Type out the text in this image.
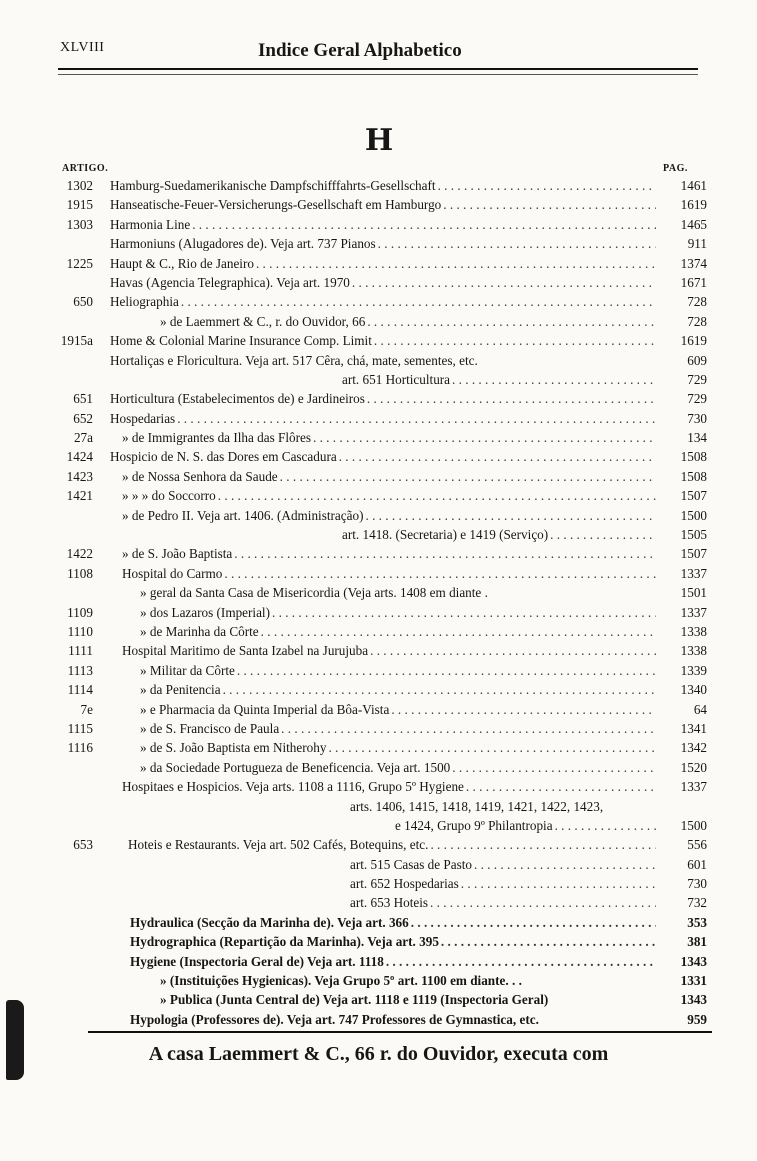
XLVIII	Indice Geral Alphabetico
H
ARTIGO.	PAG.
1302 Hamburg-Suedamerikanische Dampfschifffahrts-Gesellschaft . . .	1461
1915 Hanseatische-Feuer-Versicherungs-Gesellschaft em Hamburgo . . .	1619
1303 Harmonia Line . . .	1465
Harmoniuns (Alugadores de). Veja art. 737 Pianos . . .	911
1225 Haupt & C., Rio de Janeiro . . .	1374
Havas (Agencia Telegraphica). Veja art. 1970 . . .	1671
650 Heliographia . . .	728
» de Laemmert & C., r. do Ouvidor, 66 . . .	728
1915a Home & Colonial Marine Insurance Comp. Limit . . .	1619
Hortaliças e Floricultura. Veja art. 517 Cêra, chá, mate, sementes, etc.	609
art. 651 Horticultura . . .	729
651 Horticultura (Estabelecimentos de) e Jardineiros . . .	729
652 Hospedarias . . .	730
27a » de Immigrantes da Ilha das Flôres . . .	134
1424 Hospicio de N. S. das Dores em Cascadura . . .	1508
1423 » de Nossa Senhora da Saude . . .	1508
1421 » » » do Soccorro . . .	1507
» de Pedro II. Veja art. 1406. (Administração) . . .	1500
art. 1418. (Secretaria) e 1419 (Serviço) . . .	1505
1422 » de S. João Baptista . . .	1507
1108 Hospital do Carmo . . .	1337
» geral da Santa Casa de Misericordia (Veja arts. 1408 em diante .	1501
1109	» dos Lazaros (Imperial) . . .	1337
1110	» de Marinha da Côrte . . .	1338
1111 Hospital Maritimo de Santa Izabel na Jurujuba . . .	1338
1113	» Militar da Côrte . . .	1339
1114	» da Penitencia . . .	1340
7e	» e Pharmacia da Quinta Imperial da Bôa-Vista . . .	64
1115	» de S. Francisco de Paula . . .	1341
1116	» de S. João Baptista em Nitherohy . . .	1342
» da Sociedade Portugueza de Beneficencia. Veja art. 1500 . . .	1520
Hospitaes e Hospicios. Veja arts. 1108 a 1116, Grupo 5º Hygiene . . .	1337
arts. 1406, 1415, 1418, 1419, 1421, 1422, 1423,
e 1424, Grupo 9º Philantropia . . .	1500
653	Hoteis e Restaurants. Veja art. 502 Cafés, Botequins, etc. . . .	556
art. 515 Casas de Pasto . . .	601
art. 652 Hospedarias . . .	730
art. 653 Hoteis . . .	732
Hydraulica (Secção da Marinha de). Veja art. 366 . . .	353
Hydrographica (Repartição da Marinha). Veja art. 395 . . .	381
Hygiene (Inspectoria Geral de) Veja art. 1118 . . .	1343
» (Instituições Hygienicas). Veja Grupo 5º art. 1100 em diante. . .	1331
» Publica (Junta Central de) Veja art. 1118 e 1119 (Inspectoria Geral)	1343
Hypologia (Professores de). Veja art. 747 Professores de Gymnastica, etc.	959
A casa Laemmert & C., 66 r. do Ouvidor, executa com
